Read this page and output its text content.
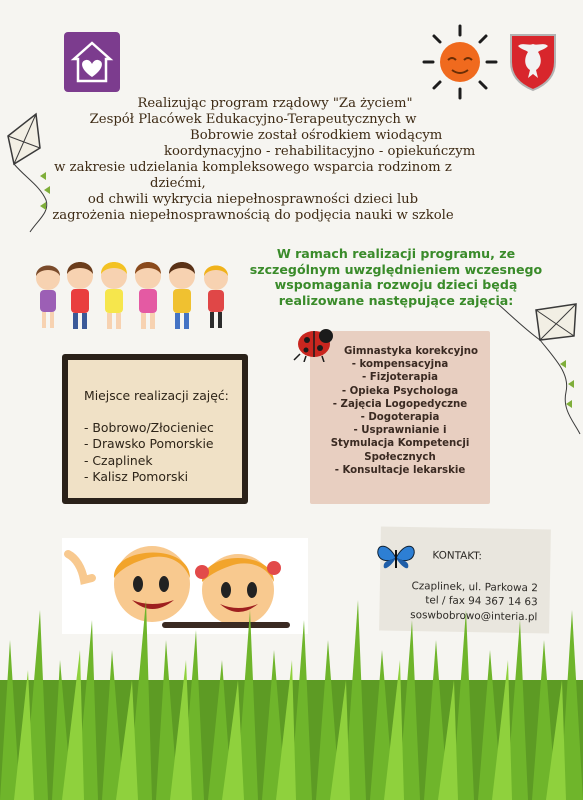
Realizując program rządowy "Za życiem"
Zespół Placówek Edukacyjno-Terapeutycznych w
Bobrowie został ośrodkiem wiodącym
koordynacyjno - rehabilitacyjno - opiekuńczym
w zakresie udzielania kompleksowego wsparcia rodzinom z
dziećmi,
od chwili wykrycia niepełnosprawności dzieci lub
zagrożenia niepełnosprawnością do podjęcia nauki w szkole
W ramach realizacji programu, ze
szczególnym uwzględnieniem wczesnego
wspomagania rozwoju dzieci będą
realizowane następujące zajęcia:
Miejsce realizacji zajęć:
- Bobrowo/Złocieniec
- Drawsko Pomorskie
- Czaplinek
- Kalisz Pomorski
Gimnastyka korekcyjno
- kompensacyjna
- Fizjoterapia
- Opieka Psychologa
- Zajęcia Logopedyczne
- Dogoterapia
- Usprawnianie i
Stymulacja Kompetencji
Społecznych
- Konsultacje lekarskie
KONTAKT:
Czaplinek, ul. Parkowa 2
tel / fax 94 367 14 63
soswbobrowo@interia.pl
